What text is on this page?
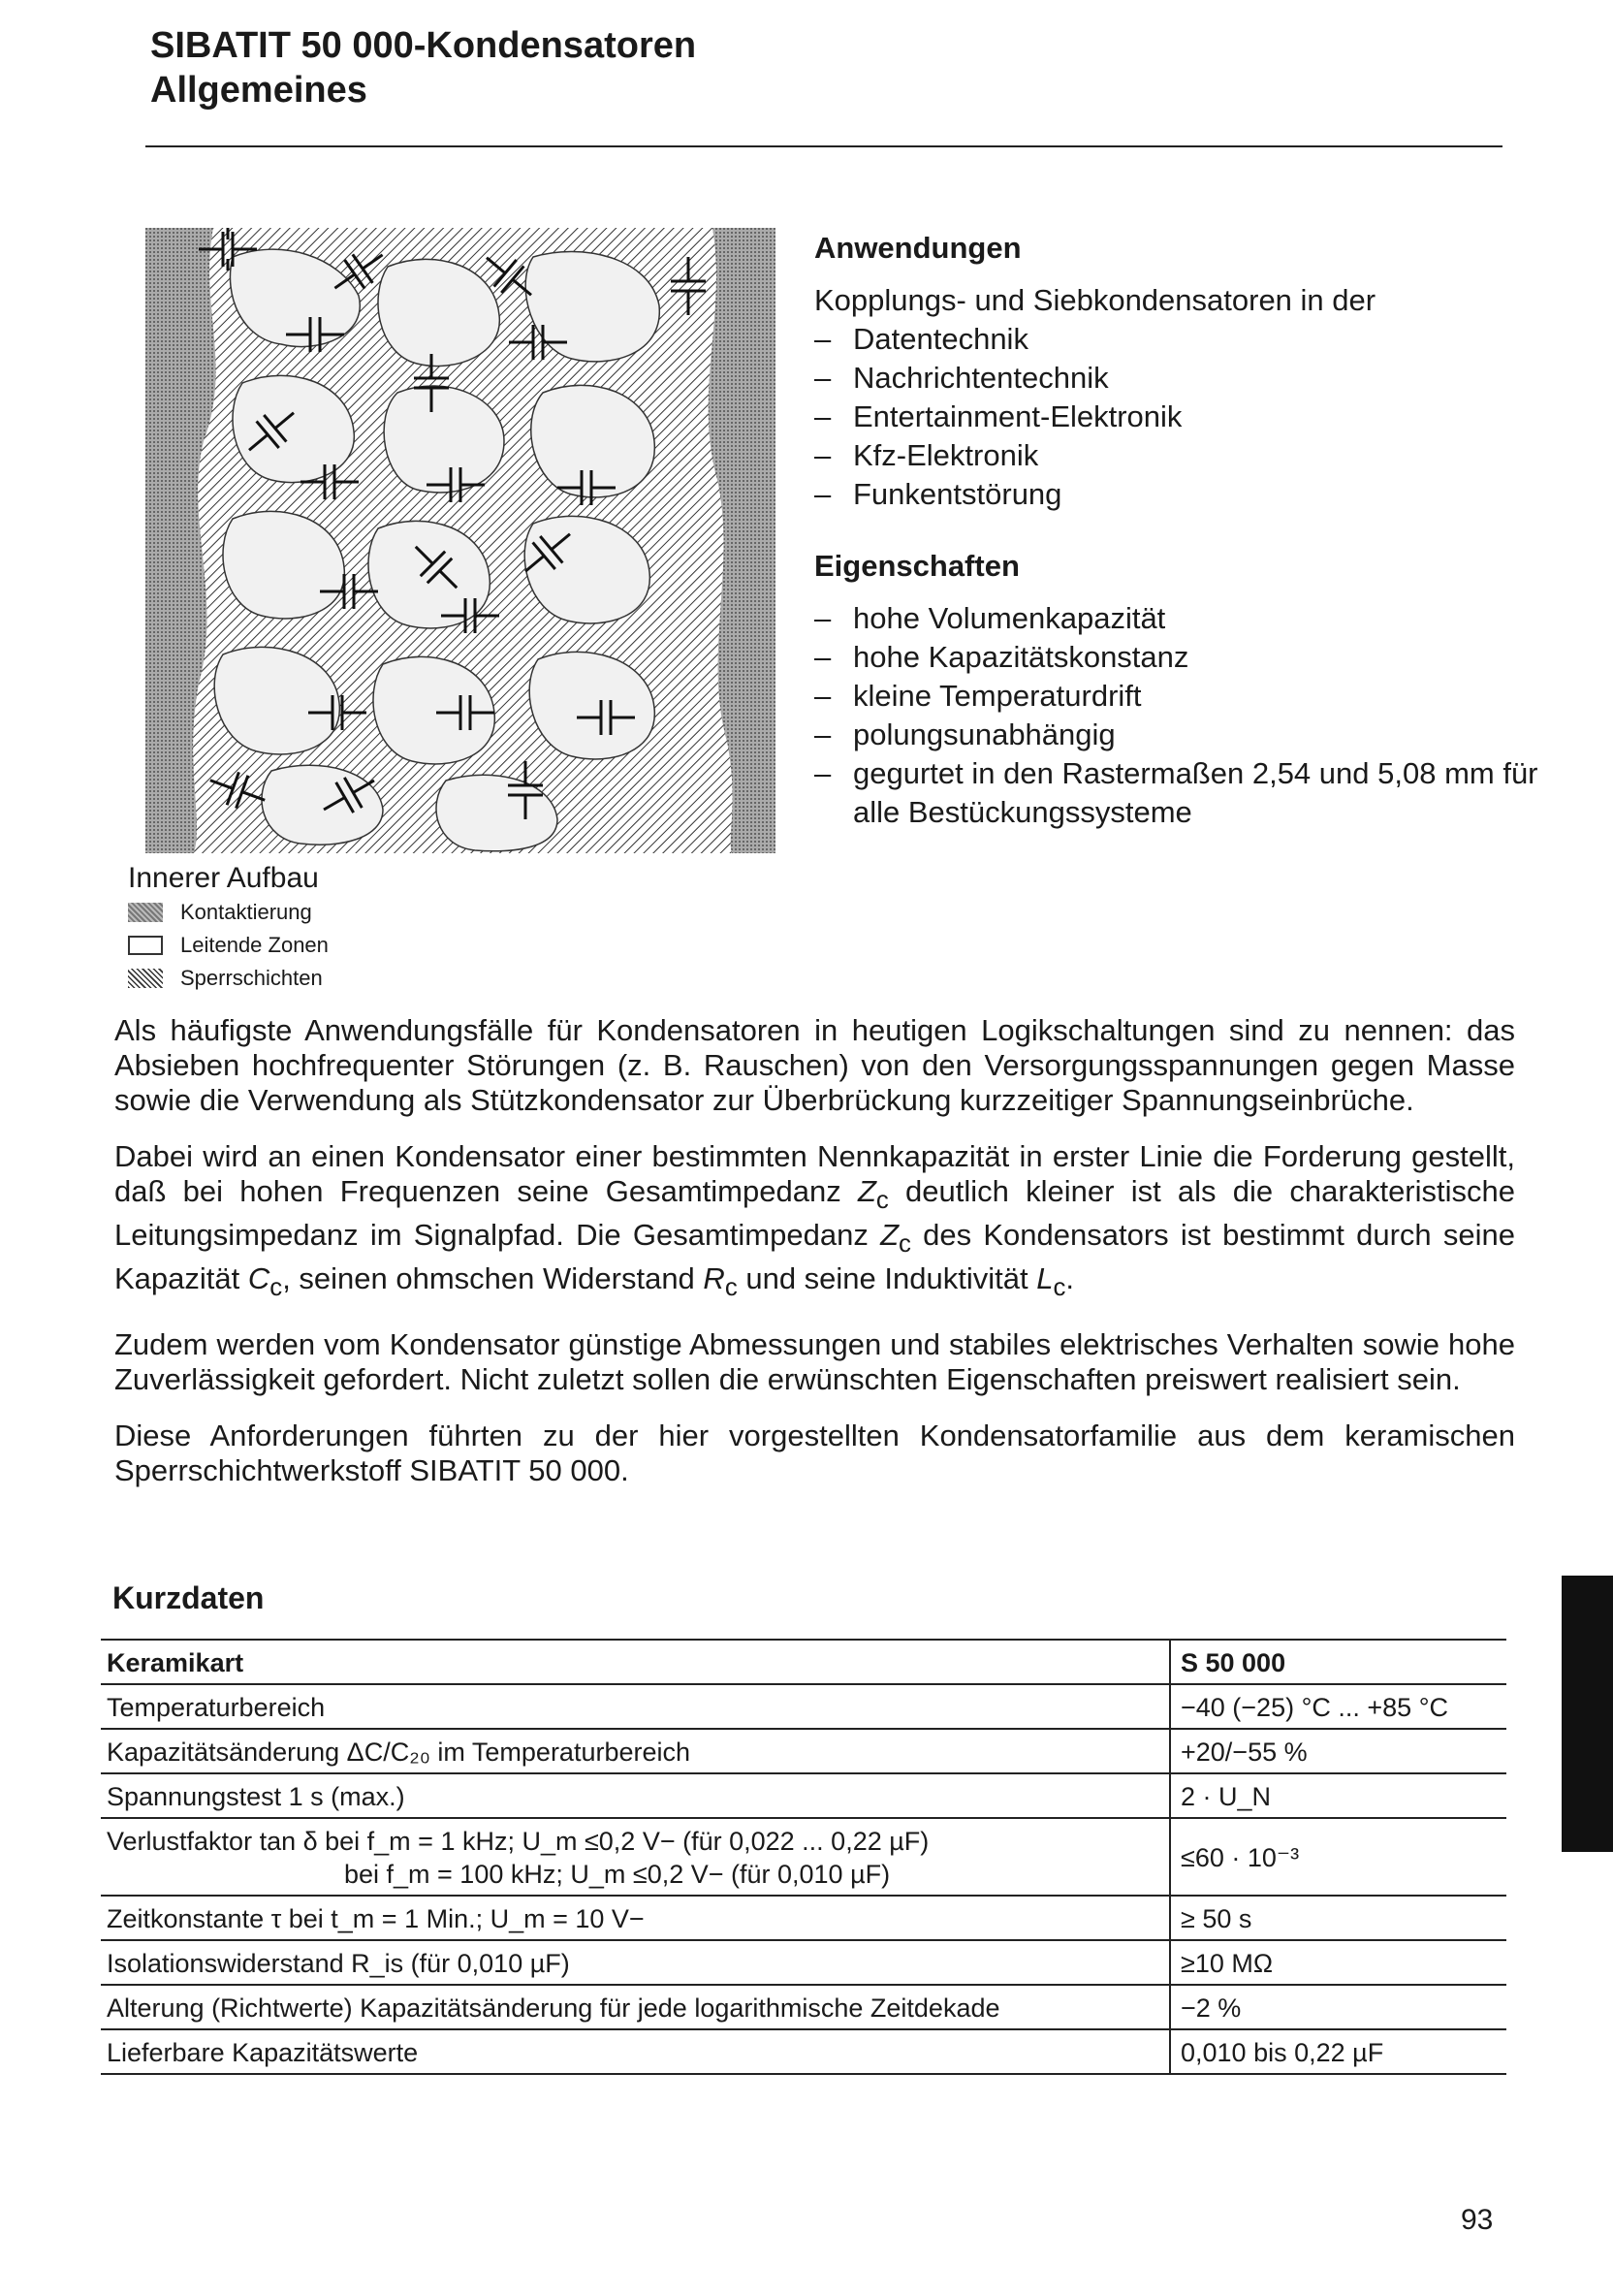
SIBATIT 50 000-Kondensatoren
Allgemeines
Innerer Aufbau
Kontaktierung
Leitende Zonen
Sperrschichten
Anwendungen

Kopplungs- und Siebkondensatoren in der

– Datentechnik
– Nachrichtentechnik
– Entertainment-Elektronik
– Kfz-Elektronik
– Funkentstörung
Eigenschaften
– hohe Volumenkapazität
– hohe Kapazitätskonstanz
– kleine Temperaturdrift
– polungsunabhängig
– gegurtet in den Rastermaßen 2,54 und 5,08 mm für alle Bestückungssysteme

Als häufigste Anwendungsfälle für Kondensatoren in heutigen Logikschaltungen sind zu nennen: das Absieben hochfrequenter Störungen (z. B. Rauschen) von den Versorgungsspannungen gegen Masse sowie die Verwendung als Stützkondensator zur Überbrückung kurzzeitiger Spannungseinbrüche.

Dabei wird an einen Kondensator einer bestimmten Nennkapazität in erster Linie die Forderung gestellt, daß bei hohen Frequenzen seine Gesamtimpedanz $Z_c$ deutlich kleiner ist als die charakteristische Leitungsimpedanz im Signalpfad. Die Gesamtimpedanz $Z_c$ des Kondensators ist bestimmt durch seine Kapazität $C_c$, seinen ohmschen Widerstand $R_c$ und seine Induktivität $L_c$.

Zudem werden vom Kondensator günstige Abmessungen und stabiles elektrisches Verhalten sowie hohe Zuverlässigkeit gefordert. Nicht zuletzt sollen die erwünschten Eigenschaften preiswert realisiert sein.

Diese Anforderungen führten zu der hier vorgestellten Kondensatorfamilie aus dem keramischen Sperrschichtwerkstoff SIBATIT 50 000.

Kurzdaten
Keramikart	S 50 000
Temperaturbereich	−40 (−25) °C ... +85 °C
Kapazitätsänderung ΔC/C₂₀ im Temperaturbereich	+20/−55 %
Spannungstest 1 s (max.)	2 · U_N

Verlustfaktor tan δ bei f_m = 1 kHz; U_m ≤0,2 V− (für 0,022 ... 0,22 µF)
bei f_m = 100 kHz; U_m ≤0,2 V− (für 0,010 µF)	≤60 · 10⁻³
Zeitkonstante τ bei t_m = 1 Min.; U_m = 10 V−	≥ 50 s
Isolationswiderstand R_is (für 0,010 µF)	≥10 MΩ
Alterung (Richtwerte) Kapazitätsänderung für jede logarithmische Zeitdekade	−2 %
Lieferbare Kapazitätswerte	0,010 bis 0,22 µF
93
